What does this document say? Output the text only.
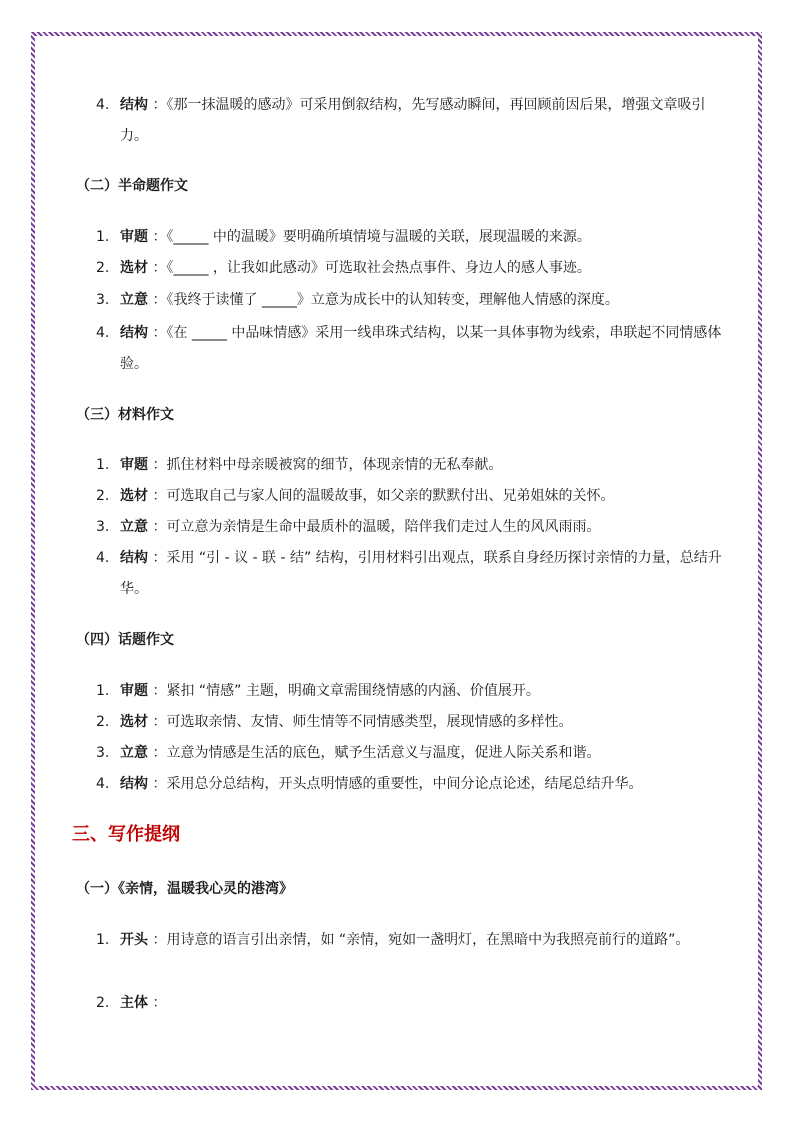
4. 结构 ：《那一抹温暖的感动》可采用倒叙结构，先写感动瞬间，再回顾前因后果，增强文章吸引力。
（二）半命题作文
1. 审题 ：《_____ 中的温暖》要明确所填情境与温暖的关联，展现温暖的来源。
2. 选材 ：《_____ ，让我如此感动》可选取社会热点事件、身边人的感人事迹。
3. 立意 ：《我终于读懂了 _____》立意为成长中的认知转变，理解他人情感的深度。
4. 结构 ：《在 _____ 中品味情感》采用一线串珠式结构，以某一具体事物为线索，串联起不同情感体验。
（三）材料作文
1. 审题 ：抓住材料中母亲暖被窝的细节，体现亲情的无私奉献。
2. 选材 ：可选取自己与家人间的温暖故事，如父亲的默默付出、兄弟姐妹的关怀。
3. 立意 ：可立意为亲情是生命中最质朴的温暖，陪伴我们走过人生的风风雨雨。
4. 结构 ：采用 “引 - 议 - 联 - 结” 结构，引用材料引出观点，联系自身经历探讨亲情的力量，总结升华。
（四）话题作文
1. 审题 ：紧扣 “情感” 主题，明确文章需围绕情感的内涵、价值展开。
2. 选材 ：可选取亲情、友情、师生情等不同情感类型，展现情感的多样性。
3. 立意 ：立意为情感是生活的底色，赋予生活意义与温度，促进人际关系和谐。
4. 结构 ：采用总分总结构，开头点明情感的重要性，中间分论点论述，结尾总结升华。
三、写作提纲
（一）《亲情，温暖我心灵的港湾》
1. 开头 ：用诗意的语言引出亲情，如 “亲情，宛如一盏明灯，在黑暗中为我照亮前行的道路”。
2. 主体 ：
